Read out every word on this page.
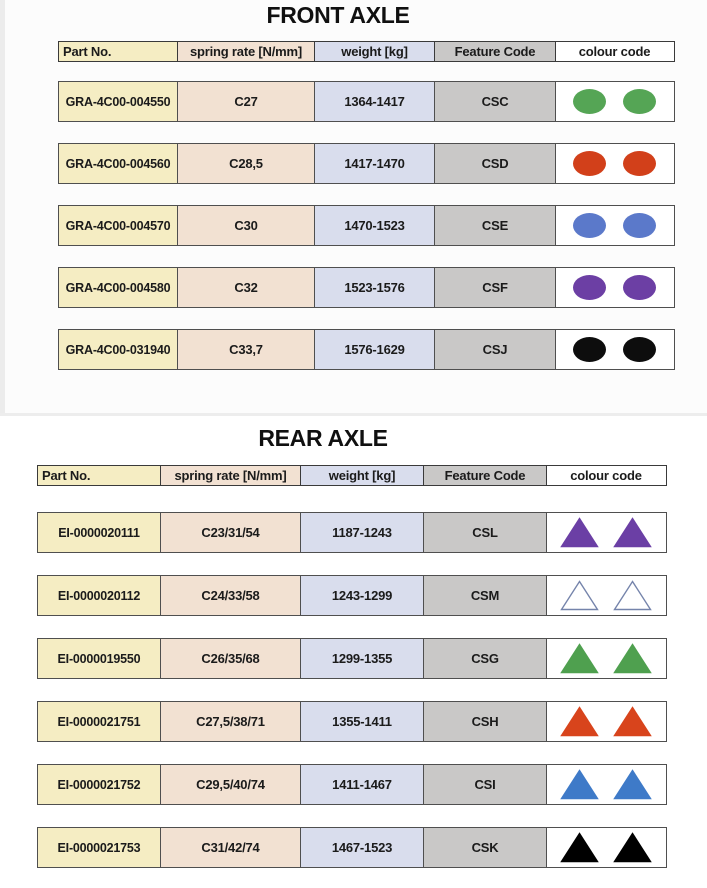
FRONT AXLE
Part No.	spring rate [N/mm]	weight [kg]	Feature Code	colour code
GRA-4C00-004550	C27	1364-1417	CSC
GRA-4C00-004560	C28,5	1417-1470	CSD
GRA-4C00-004570	C30	1470-1523	CSE
GRA-4C00-004580	C32	1523-1576	CSF
GRA-4C00-031940	C33,7	1576-1629	CSJ
REAR AXLE
Part No.	spring rate [N/mm]	weight [kg]	Feature Code	colour code
EI-0000020111	C23/31/54	1187-1243	CSL
EI-0000020112	C24/33/58	1243-1299	CSM
EI-0000019550	C26/35/68	1299-1355	CSG
EI-0000021751	C27,5/38/71	1355-1411	CSH
EI-0000021752	C29,5/40/74	1411-1467	CSI
EI-0000021753	C31/42/74	1467-1523	CSK
